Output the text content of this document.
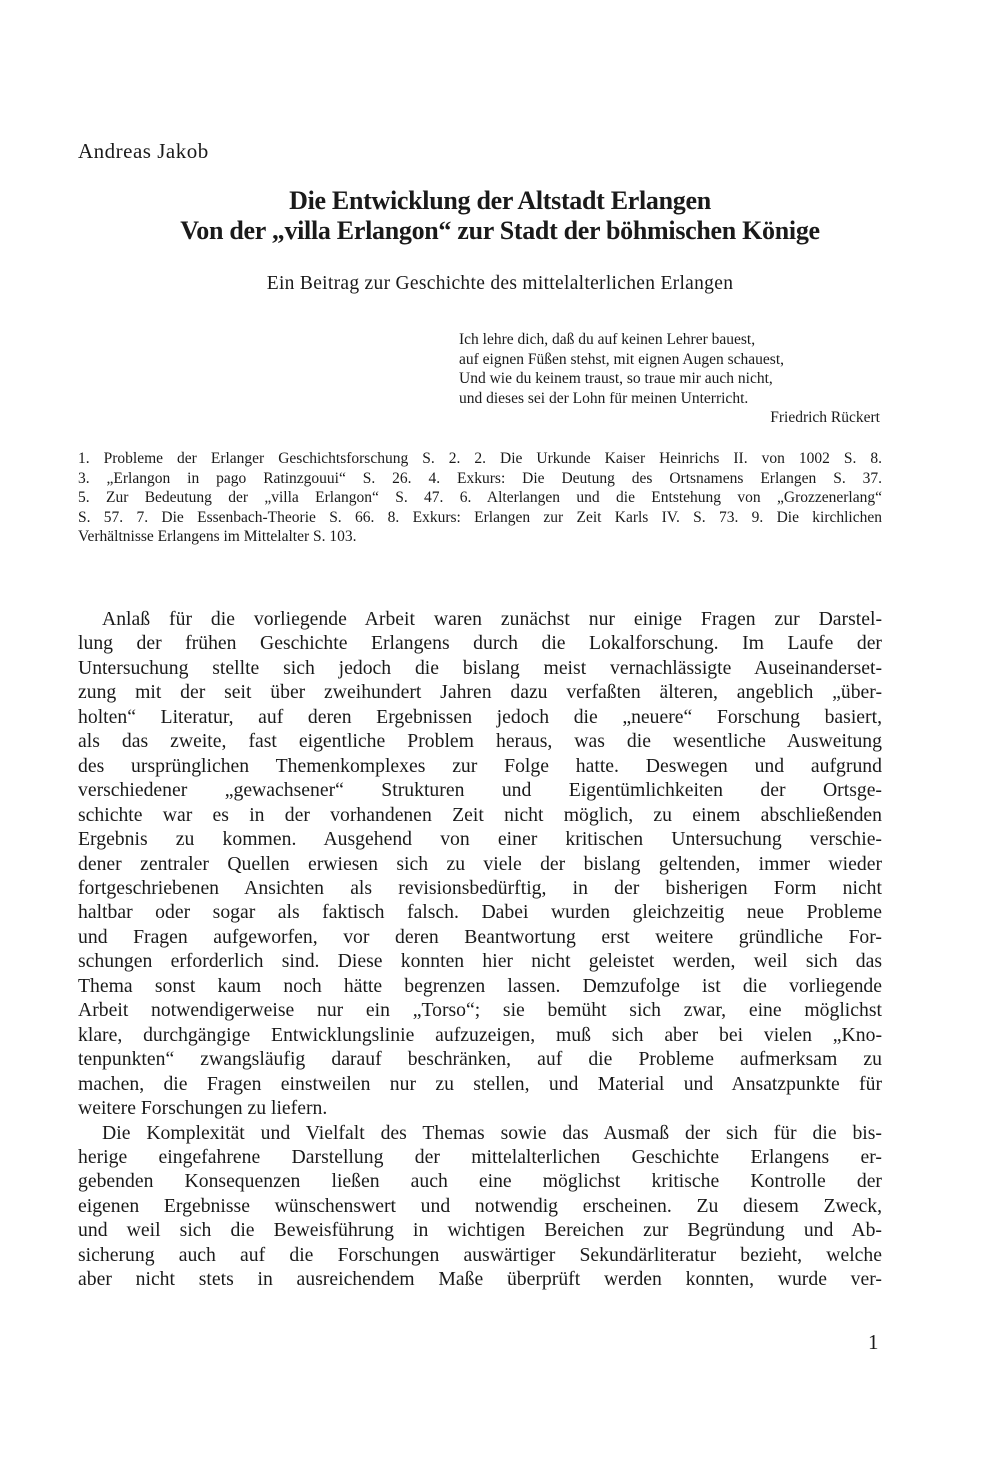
Andreas Jakob
Die Entwicklung der Altstadt Erlangen
Von der „villa Erlangon“ zur Stadt der böhmischen Könige
Ein Beitrag zur Geschichte des mittelalterlichen Erlangen
Ich lehre dich, daß du auf keinen Lehrer bauest,
auf eignen Füßen stehst, mit eignen Augen schauest,
Und wie du keinem traust, so traue mir auch nicht,
und dieses sei der Lohn für meinen Unterricht.
Friedrich Rückert
1. Probleme der Erlanger Geschichtsforschung S. 2. 2. Die Urkunde Kaiser Heinrichs II. von 1002 S. 8.
3. „Erlangon in pago Ratinzgouui“ S. 26. 4. Exkurs: Die Deutung des Ortsnamens Erlangen S. 37.
5. Zur Bedeutung der „villa Erlangon“ S. 47. 6. Alterlangen und die Entstehung von „Grozzenerlang“
S. 57. 7. Die Essenbach-Theorie S. 66. 8. Exkurs: Erlangen zur Zeit Karls IV. S. 73. 9. Die kirchlichen
Verhältnisse Erlangens im Mittelalter S. 103.
Anlaß für die vorliegende Arbeit waren zunächst nur einige Fragen zur Darstel-
lung der frühen Geschichte Erlangens durch die Lokalforschung. Im Laufe der
Untersuchung stellte sich jedoch die bislang meist vernachlässigte Auseinanderset-
zung mit der seit über zweihundert Jahren dazu verfaßten älteren, angeblich „über-
holten“ Literatur, auf deren Ergebnissen jedoch die „neuere“ Forschung basiert,
als das zweite, fast eigentliche Problem heraus, was die wesentliche Ausweitung
des ursprünglichen Themenkomplexes zur Folge hatte. Deswegen und aufgrund
verschiedener „gewachsener“ Strukturen und Eigentümlichkeiten der Ortsge-
schichte war es in der vorhandenen Zeit nicht möglich, zu einem abschließenden
Ergebnis zu kommen. Ausgehend von einer kritischen Untersuchung verschie-
dener zentraler Quellen erwiesen sich zu viele der bislang geltenden, immer wieder
fortgeschriebenen Ansichten als revisionsbedürftig, in der bisherigen Form nicht
haltbar oder sogar als faktisch falsch. Dabei wurden gleichzeitig neue Probleme
und Fragen aufgeworfen, vor deren Beantwortung erst weitere gründliche For-
schungen erforderlich sind. Diese konnten hier nicht geleistet werden, weil sich das
Thema sonst kaum noch hätte begrenzen lassen. Demzufolge ist die vorliegende
Arbeit notwendigerweise nur ein „Torso“; sie bemüht sich zwar, eine möglichst
klare, durchgängige Entwicklungslinie aufzuzeigen, muß sich aber bei vielen „Kno-
tenpunkten“ zwangsläufig darauf beschränken, auf die Probleme aufmerksam zu
machen, die Fragen einstweilen nur zu stellen, und Material und Ansatzpunkte für
weitere Forschungen zu liefern.
Die Komplexität und Vielfalt des Themas sowie das Ausmaß der sich für die bis-
herige eingefahrene Darstellung der mittelalterlichen Geschichte Erlangens er-
gebenden Konsequenzen ließen auch eine möglichst kritische Kontrolle der
eigenen Ergebnisse wünschenswert und notwendig erscheinen. Zu diesem Zweck,
und weil sich die Beweisführung in wichtigen Bereichen zur Begründung und Ab-
sicherung auch auf die Forschungen auswärtiger Sekundärliteratur bezieht, welche
aber nicht stets in ausreichendem Maße überprüft werden konnten, wurde ver-
1
